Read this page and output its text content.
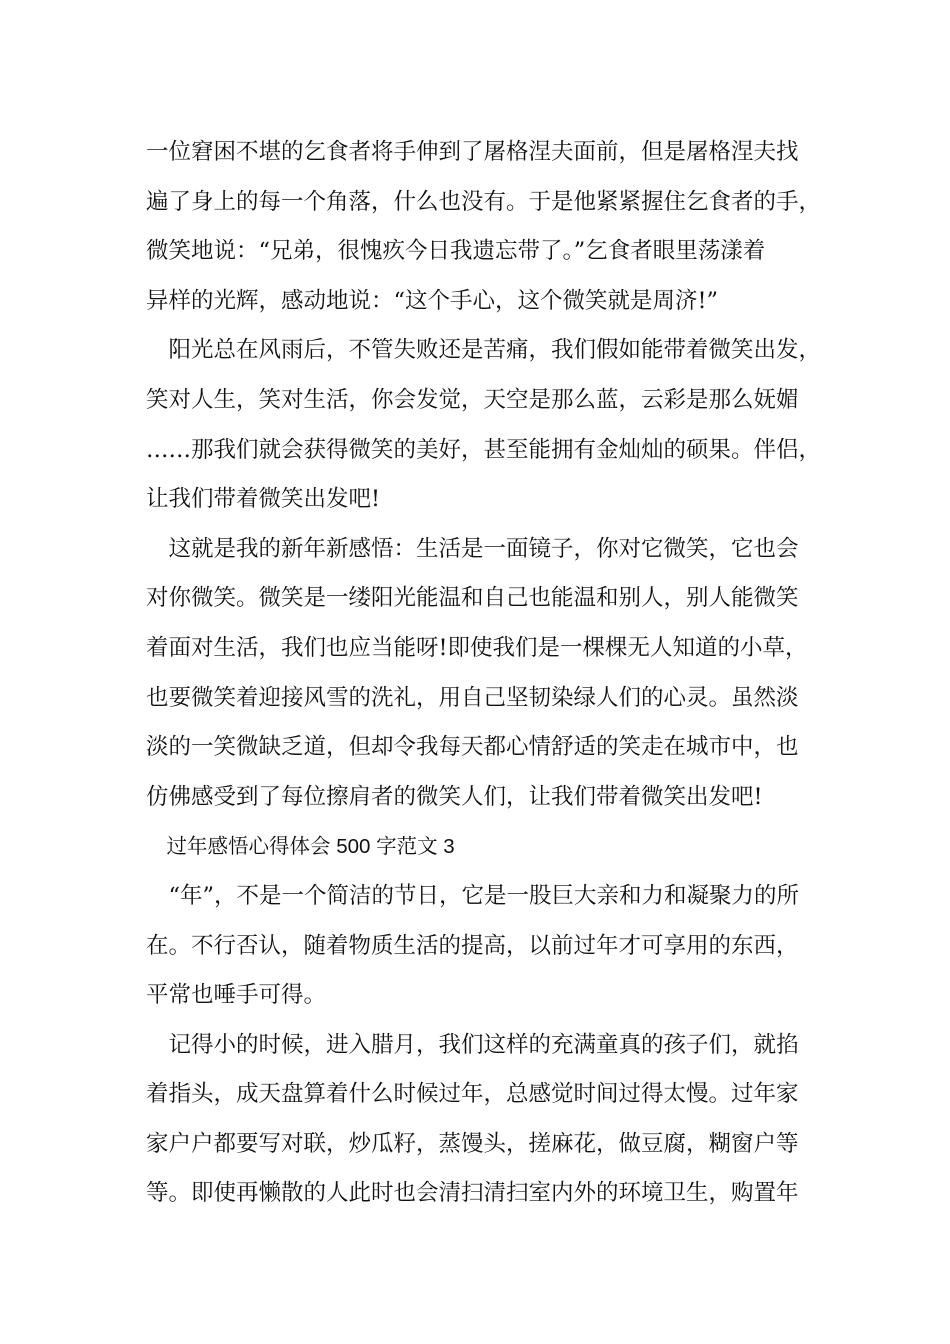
一位窘困不堪的乞食者将手伸到了屠格涅夫面前，但是屠格涅夫找
遍了身上的每一个角落，什么也没有。于是他紧紧握住乞食者的手，
微笑地说：“兄弟，很愧疚今日我遗忘带了。”乞食者眼里荡漾着
异样的光辉，感动地说：“这个手心，这个微笑就是周济!”
　阳光总在风雨后，不管失败还是苦痛，我们假如能带着微笑出发，
笑对人生，笑对生活，你会发觉，天空是那么蓝，云彩是那么妩媚
……那我们就会获得微笑的美好，甚至能拥有金灿灿的硕果。伴侣，
让我们带着微笑出发吧!
　这就是我的新年新感悟：生活是一面镜子，你对它微笑，它也会
对你微笑。微笑是一缕阳光能温和自己也能温和别人，别人能微笑
着面对生活，我们也应当能呀!即使我们是一棵棵无人知道的小草，
也要微笑着迎接风雪的洗礼，用自己坚韧染绿人们的心灵。虽然淡
淡的一笑微缺乏道，但却令我每天都心情舒适的笑走在城市中，也
仿佛感受到了每位擦肩者的微笑人们，让我们带着微笑出发吧!
　过年感悟心得体会 500 字范文 3
　“年”，不是一个简洁的节日，它是一股巨大亲和力和凝聚力的所
在。不行否认，随着物质生活的提高，以前过年才可享用的东西，
平常也唾手可得。
　记得小的时候，进入腊月，我们这样的充满童真的孩子们，就掐
着指头，成天盘算着什么时候过年，总感觉时间过得太慢。过年家
家户户都要写对联，炒瓜籽，蒸馒头，搓麻花，做豆腐，糊窗户等
等。即使再懒散的人此时也会清扫清扫室内外的环境卫生，购置年
